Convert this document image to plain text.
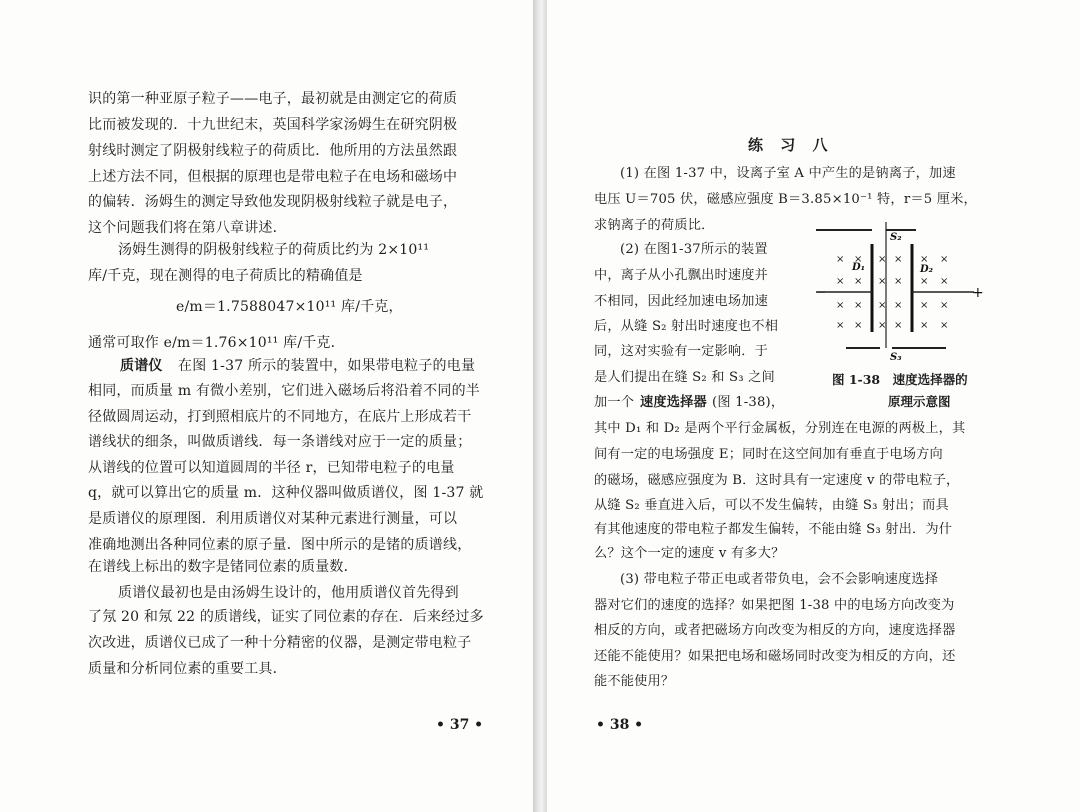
识的第一种亚原子粒子——电子，最初就是由测定它的荷质
比而被发现的．十九世纪末，英国科学家汤姆生在研究阴极
射线时测定了阴极射线粒子的荷质比．他所用的方法虽然跟
上述方法不同，但根据的原理也是带电粒子在电场和磁场中
的偏转．汤姆生的测定导致他发现阴极射线粒子就是电子，
这个问题我们将在第八章讲述．
汤姆生测得的阴极射线粒子的荷质比约为 2×10¹¹
库/千克，现在测得的电子荷质比的精确值是
e/m＝1.7588047×10¹¹ 库/千克，
通常可取作 e/m＝1.76×10¹¹ 库/千克．
质谱仪 在图 1-37 所示的装置中，如果带电粒子的电量
相同，而质量 m 有微小差别，它们进入磁场后将沿着不同的半
径做圆周运动，打到照相底片的不同地方，在底片上形成若干
谱线状的细条，叫做质谱线．每一条谱线对应于一定的质量；
从谱线的位置可以知道圆周的半径 r，已知带电粒子的电量
q，就可以算出它的质量 m．这种仪器叫做质谱仪，图 1-37 就
是质谱仪的原理图．利用质谱仪对某种元素进行测量，可以
准确地测出各种同位素的原子量．图中所示的是锗的质谱线，
在谱线上标出的数字是锗同位素的质量数．
质谱仪最初也是由汤姆生设计的，他用质谱仪首先得到
了氖 20 和氖 22 的质谱线，证实了同位素的存在．后来经过多
次改进，质谱仪已成了一种十分精密的仪器，是测定带电粒子
质量和分析同位素的重要工具．
• 37 •
练 习 八
(1) 在图 1-37 中，设离子室 A 中产生的是钠离子，加速
电压 U＝705 伏，磁感应强度 B＝3.85×10⁻¹ 特，r＝5 厘米，
求钠离子的荷质比．
(2) 在图1-37所示的装置
中，离子从小孔飘出时速度并
不相同，因此经加速电场加速
后，从缝 S₂ 射出时速度也不相
同，这对实验有一定影响．于
是人们提出在缝 S₂ 和 S₃ 之间
加一个 速度选择器 (图 1-38)，
其中 D₁ 和 D₂ 是两个平行金属板，分别连在电源的两极上，其
间有一定的电场强度 E；同时在这空间加有垂直于电场方向
的磁场，磁感应强度为 B．这时具有一定速度 v 的带电粒子，
从缝 S₂ 垂直进入后，可以不发生偏转，由缝 S₃ 射出；而具
有其他速度的带电粒子都发生偏转，不能由缝 S₃ 射出．为什
么？这个一定的速度 v 有多大？
(3) 带电粒子带正电或者带负电，会不会影响速度选择
器对它们的速度的选择？如果把图 1-38 中的电场方向改变为
相反的方向，或者把磁场方向改变为相反的方向，速度选择器
还能不能使用？如果把电场和磁场同时改变为相反的方向，还
能不能使用？
• 38 •
× × × × × ×
× × × × × ×
× × × × × ×
× × × × × ×
S₂
D₁	D₂
S₃
+
−
图 1-38　速度选择器的
原理示意图
